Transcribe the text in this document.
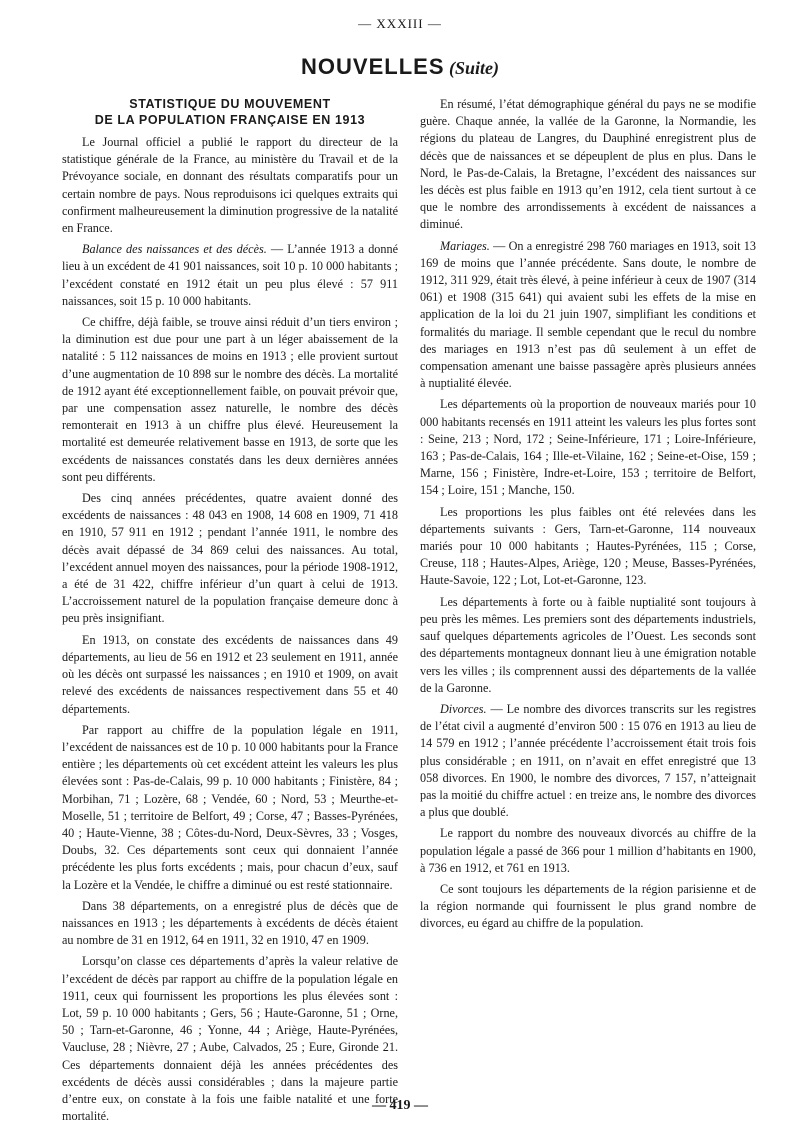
— XXXIII —
NOUVELLES (Suite)
STATISTIQUE DU MOUVEMENT
DE LA POPULATION FRANÇAISE EN 1913

Le Journal officiel a publié le rapport du directeur de la statistique générale de la France, au ministère du Travail et de la Prévoyance sociale, en donnant des résultats comparatifs pour un certain nombre de pays. Nous reproduisons ici quelques extraits qui confirment malheureusement la diminution progressive de la natalité en France.

Balance des naissances et des décès. — L’année 1913 a donné lieu à un excédent de 41 901 naissances, soit 10 p. 10 000 habitants ; l’excédent constaté en 1912 était un peu plus élevé : 57 911 naissances, soit 15 p. 10 000 habitants.

Ce chiffre, déjà faible, se trouve ainsi réduit d’un tiers environ ; la diminution est due pour une part à un léger abaissement de la natalité : 5 112 naissances de moins en 1913 ; elle provient surtout d’une augmentation de 10 898 sur le nombre des décès. La mortalité de 1912 ayant été exceptionnellement faible, on pouvait prévoir que, par une compensation assez naturelle, le nombre des décès remonterait en 1913 à un chiffre plus élevé. Heureusement la mortalité est demeurée relativement basse en 1913, de sorte que les excédents de naissances constatés dans les deux dernières années sont peu différents.

Des cinq années précédentes, quatre avaient donné des excédents de naissances : 48 043 en 1908, 14 608 en 1909, 71 418 en 1910, 57 911 en 1912 ; pendant l’année 1911, le nombre des décès avait dépassé de 34 869 celui des naissances. Au total, l’excédent annuel moyen des naissances, pour la période 1908-1912, a été de 31 422, chiffre inférieur d’un quart à celui de 1913. L’accroissement naturel de la population française demeure donc à peu près insignifiant.

En 1913, on constate des excédents de naissances dans 49 départements, au lieu de 56 en 1912 et 23 seulement en 1911, année où les décès ont surpassé les naissances ; en 1910 et 1909, on avait relevé des excédents de naissances respectivement dans 55 et 40 départements.

Par rapport au chiffre de la population légale en 1911, l’excédent de naissances est de 10 p. 10 000 habitants pour la France entière ; les départements où cet excédent atteint les valeurs les plus élevées sont : Pas-de-Calais, 99 p. 10 000 habitants ; Finistère, 84 ; Morbihan, 71 ; Lozère, 68 ; Vendée, 60 ; Nord, 53 ; Meurthe-et-Moselle, 51 ; territoire de Belfort, 49 ; Corse, 47 ; Basses-Pyrénées, 40 ; Haute-Vienne, 38 ; Côtes-du-Nord, Deux-Sèvres, 33 ; Vosges, Doubs, 32. Ces départements sont ceux qui donnaient l’année précédente les plus forts excédents ; mais, pour chacun d’eux, sauf la Lozère et la Vendée, le chiffre a diminué ou est resté stationnaire.

Dans 38 départements, on a enregistré plus de décès que de naissances en 1913 ; les départements à excédents de décès étaient au nombre de 31 en 1912, 64 en 1911, 32 en 1910, 47 en 1909.

Lorsqu’on classe ces départements d’après la valeur relative de l’excédent de décès par rapport au chiffre de la population légale en 1911, ceux qui fournissent les proportions les plus élevées sont : Lot, 59 p. 10 000 habitants ; Gers, 56 ; Haute-Garonne, 51 ; Orne, 50 ; Tarn-et-Garonne, 46 ; Yonne, 44 ; Ariège, Haute-Pyrénées, Vaucluse, 28 ; Nièvre, 27 ; Aube, Calvados, 25 ; Eure, Gironde 21. Ces départements donnaient déjà les années précédentes des excédents de décès aussi considérables ; dans la majeure partie d’entre eux, on constate à la fois une faible natalité et une forte mortalité.

En résumé, l’état démographique général du pays ne se modifie guère. Chaque année, la vallée de la Garonne, la Normandie, les régions du plateau de Langres, du Dauphiné enregistrent plus de décès que de naissances et se dépeuplent de plus en plus. Dans le Nord, le Pas-de-Calais, la Bretagne, l’excédent des naissances sur les décès est plus faible en 1913 qu’en 1912, cela tient surtout à ce que le nombre des arrondissements à excédent de naissances a diminué.

Mariages. — On a enregistré 298 760 mariages en 1913, soit 13 169 de moins que l’année précédente. Sans doute, le nombre de 1912, 311 929, était très élevé, à peine inférieur à ceux de 1907 (314 061) et 1908 (315 641) qui avaient subi les effets de la mise en application de la loi du 21 juin 1907, simplifiant les conditions et formalités du mariage. Il semble cependant que le recul du nombre des mariages en 1913 n’est pas dû seulement à un effet de compensation amenant une baisse passagère après plusieurs années à nuptialité élevée.

Les départements où la proportion de nouveaux mariés pour 10 000 habitants recensés en 1911 atteint les valeurs les plus fortes sont : Seine, 213 ; Nord, 172 ; Seine-Inférieure, 171 ; Loire-Inférieure, 163 ; Pas-de-Calais, 164 ; Ille-et-Vilaine, 162 ; Seine-et-Oise, 159 ; Marne, 156 ; Finistère, Indre-et-Loire, 153 ; territoire de Belfort, 154 ; Loire, 151 ; Manche, 150.

Les proportions les plus faibles ont été relevées dans les départements suivants : Gers, Tarn-et-Garonne, 114 nouveaux mariés pour 10 000 habitants ; Hautes-Pyrénées, 115 ; Corse, Creuse, 118 ; Hautes-Alpes, Ariège, 120 ; Meuse, Basses-Pyrénées, Haute-Savoie, 122 ; Lot, Lot-et-Garonne, 123.

Les départements à forte ou à faible nuptialité sont toujours à peu près les mêmes. Les premiers sont des départements industriels, sauf quelques départements agricoles de l’Ouest. Les seconds sont des départements montagneux donnant lieu à une émigration notable vers les villes ; ils comprennent aussi des départements de la vallée de la Garonne.

Divorces. — Le nombre des divorces transcrits sur les registres de l’état civil a augmenté d’environ 500 : 15 076 en 1913 au lieu de 14 579 en 1912 ; l’année précédente l’accroissement était trois fois plus considérable ; en 1911, on n’avait en effet enregistré que 13 058 divorces. En 1900, le nombre des divorces, 7 157, n’atteignait pas la moitié du chiffre actuel : en treize ans, le nombre des divorces a plus que doublé.

Le rapport du nombre des nouveaux divorcés au chiffre de la population légale a passé de 366 pour 1 million d’habitants en 1900, à 736 en 1912, et 761 en 1913.

Ce sont toujours les départements de la région parisienne et de la région normande qui fournissent le plus grand nombre de divorces, eu égard au chiffre de la population.

— 419 —
